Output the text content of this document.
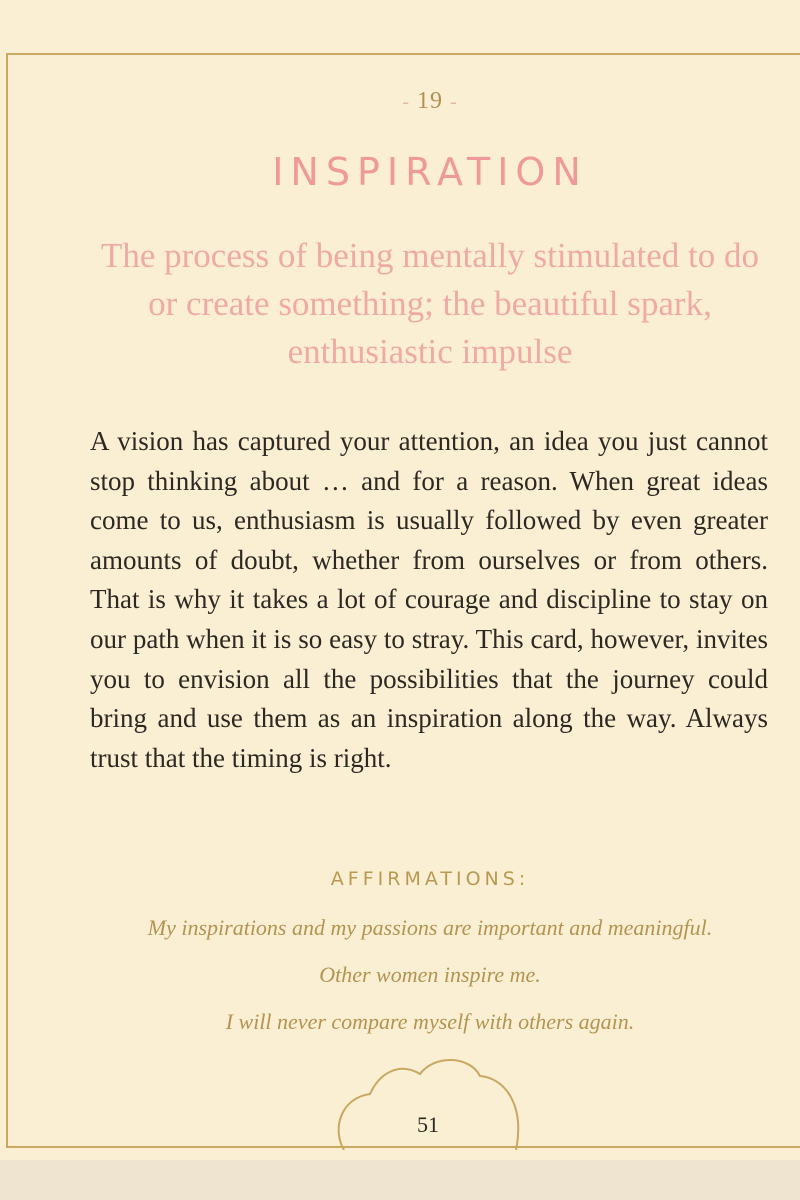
- 19 -
INSPIRATION
The process of being mentally stimulated to do or create something; the beautiful spark, enthusiastic impulse

A vision has captured your attention, an idea you just cannot stop thinking about … and for a reason. When great ideas come to us, enthusiasm is usually followed by even greater amounts of doubt, whether from ourselves or from others. That is why it takes a lot of courage and discipline to stay on our path when it is so easy to stray. This card, however, invites you to envision all the possibilities that the journey could bring and use them as an inspiration along the way. Always trust that the timing is right.

AFFIRMATIONS:
My inspirations and my passions are important and meaningful.
Other women inspire me.
I will never compare myself with others again.
51
